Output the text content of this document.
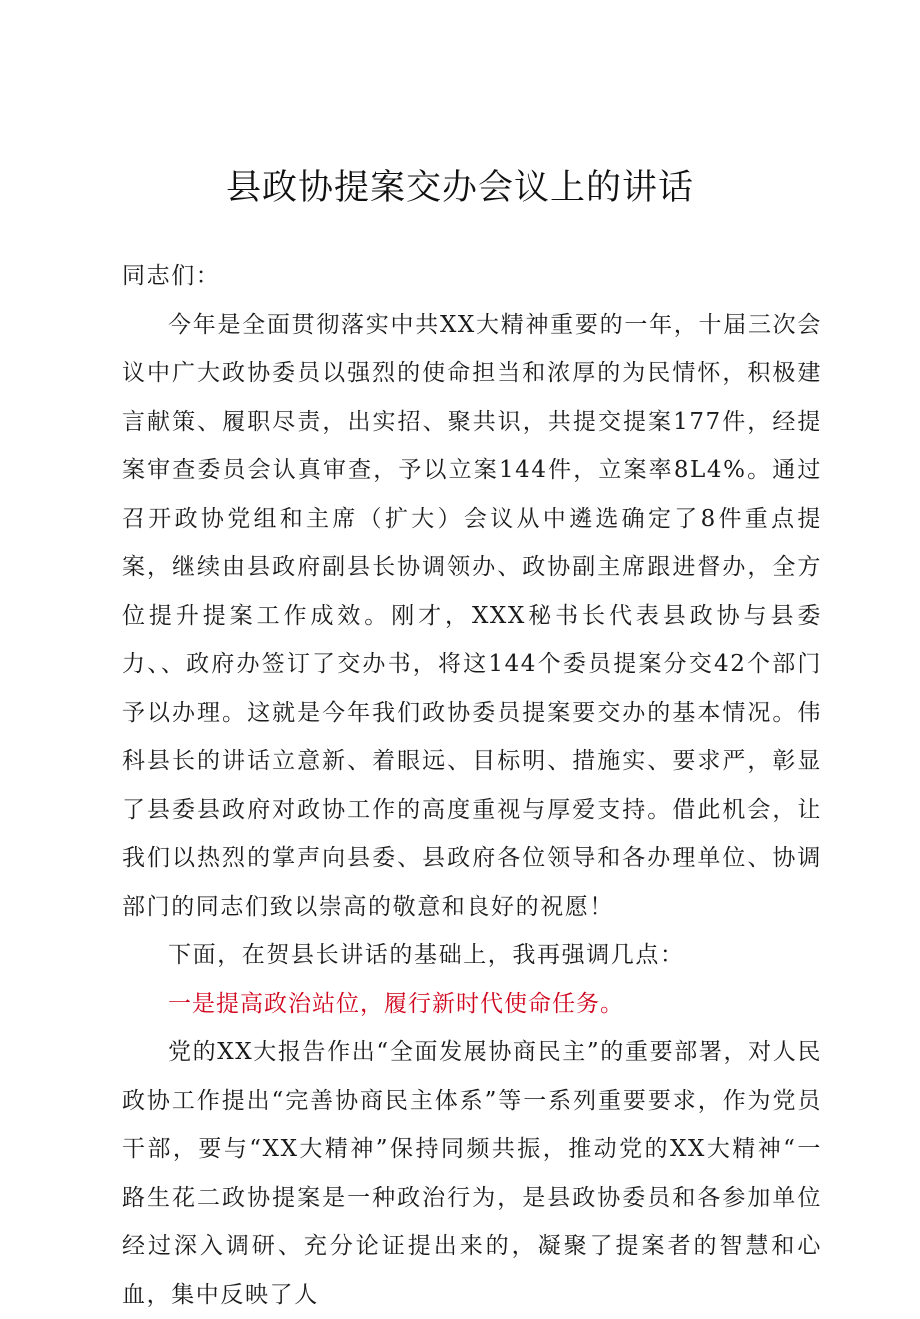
县政协提案交办会议上的讲话

同志们：

今年是全面贯彻落实中共XX大精神重要的一年，十届三次会议中广大政协委员以强烈的使命担当和浓厚的为民情怀，积极建言献策、履职尽责，出实招、聚共识，共提交提案177件，经提案审查委员会认真审查，予以立案144件，立案率8L4%。通过召开政协党组和主席（扩大）会议从中遴选确定了8件重点提案，继续由县政府副县长协调领办、政协副主席跟进督办，全方位提升提案工作成效。刚才，XXX秘书长代表县政协与县委力、、政府办签订了交办书，将这144个委员提案分交42个部门予以办理。这就是今年我们政协委员提案要交办的基本情况。伟科县长的讲话立意新、着眼远、目标明、措施实、要求严，彰显了县委县政府对政协工作的高度重视与厚爱支持。借此机会，让我们以热烈的掌声向县委、县政府各位领导和各办理单位、协调部门的同志们致以崇高的敬意和良好的祝愿！

下面，在贺县长讲话的基础上，我再强调几点：

一是提高政治站位，履行新时代使命任务。

党的XX大报告作出“全面发展协商民主”的重要部署，对人民政协工作提出“完善协商民主体系”等一系列重要要求，作为党员干部，要与“XX大精神”保持同频共振，推动党的XX大精神“一路生花二政协提案是一种政治行为，是县政协委员和各参加单位经过深入调研、充分论证提出来的，凝聚了提案者的智慧和心血，集中反映了人
